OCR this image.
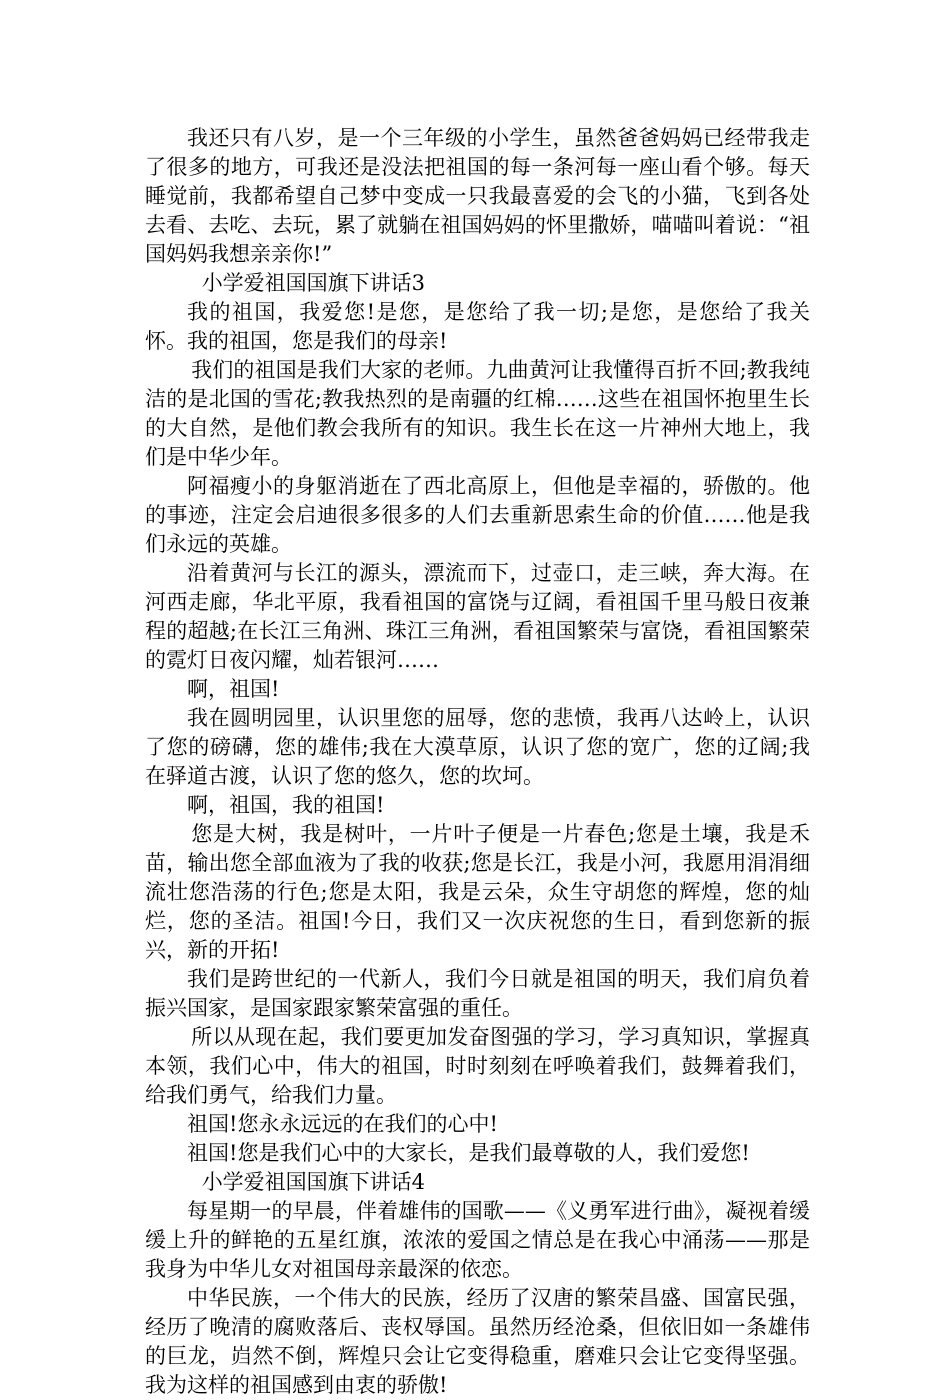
我还只有八岁，是一个三年级的小学生，虽然爸爸妈妈已经带我走了很多的地方，可我还是没法把祖国的每一条河每一座山看个够。每天睡觉前，我都希望自己梦中变成一只我最喜爱的会飞的小猫，飞到各处去看、去吃、去玩，累了就躺在祖国妈妈的怀里撒娇，喵喵叫着说：“祖国妈妈我想亲亲你!”

小学爱祖国国旗下讲话3

我的祖国，我爱您!是您，是您给了我一切;是您，是您给了我关怀。我的祖国，您是我们的母亲!

我们的祖国是我们大家的老师。九曲黄河让我懂得百折不回;教我纯洁的是北国的雪花;教我热烈的是南疆的红棉……这些在祖国怀抱里生长的大自然，是他们教会我所有的知识。我生长在这一片神州大地上，我们是中华少年。

阿福瘦小的身躯消逝在了西北高原上，但他是幸福的，骄傲的。他的事迹，注定会启迪很多很多的人们去重新思索生命的价值……他是我们永远的英雄。

沿着黄河与长江的源头，漂流而下，过壶口，走三峡，奔大海。在河西走廊，华北平原，我看祖国的富饶与辽阔，看祖国千里马般日夜兼程的超越;在长江三角洲、珠江三角洲，看祖国繁荣与富饶，看祖国繁荣的霓灯日夜闪耀，灿若银河……

啊，祖国!

我在圆明园里，认识里您的屈辱，您的悲愤，我再八达岭上，认识了您的磅礴，您的雄伟;我在大漠草原，认识了您的宽广，您的辽阔;我在驿道古渡，认识了您的悠久，您的坎坷。

啊，祖国，我的祖国!

您是大树，我是树叶，一片叶子便是一片春色;您是土壤，我是禾苗，输出您全部血液为了我的收获;您是长江，我是小河，我愿用涓涓细流壮您浩荡的行色;您是太阳，我是云朵，众生守胡您的辉煌，您的灿烂，您的圣洁。祖国!今日，我们又一次庆祝您的生日，看到您新的振兴，新的开拓!

我们是跨世纪的一代新人，我们今日就是祖国的明天，我们肩负着振兴国家，是国家跟家繁荣富强的重任。

所以从现在起，我们要更加发奋图强的学习，学习真知识，掌握真本领，我们心中，伟大的祖国，时时刻刻在呼唤着我们，鼓舞着我们，给我们勇气，给我们力量。

祖国!您永永远远的在我们的心中!

祖国!您是我们心中的大家长，是我们最尊敬的人，我们爱您!

小学爱祖国国旗下讲话4

每星期一的早晨，伴着雄伟的国歌——《义勇军进行曲》，凝视着缓缓上升的鲜艳的五星红旗，浓浓的爱国之情总是在我心中涌荡——那是我身为中华儿女对祖国母亲最深的依恋。

中华民族，一个伟大的民族，经历了汉唐的繁荣昌盛、国富民强，经历了晚清的腐败落后、丧权辱国。虽然历经沧桑，但依旧如一条雄伟的巨龙，岿然不倒，辉煌只会让它变得稳重，磨难只会让它变得坚强。我为这样的祖国感到由衷的骄傲!
